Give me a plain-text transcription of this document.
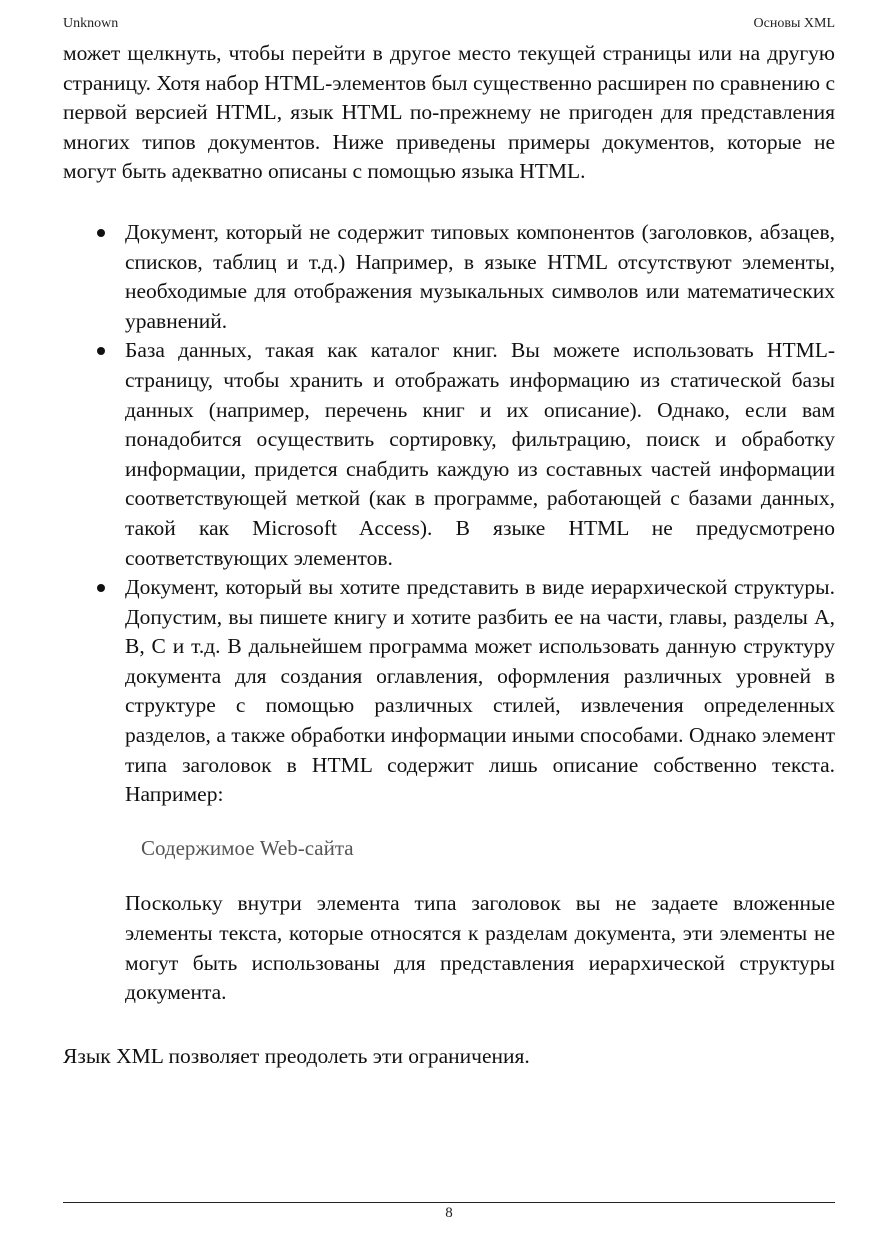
Unknown	Основы XML

может щелкнуть, чтобы перейти в другое место текущей страницы или на другую страницу. Хотя набор HTML-элементов был существенно расширен по сравнению с первой версией HTML, язык HTML по-прежнему не пригоден для представления многих типов документов. Ниже приведены примеры документов, которые не могут быть адекватно описаны с помощью языка HTML.

Документ, который не содержит типовых компонентов (заголовков, абзацев, списков, таблиц и т.д.) Например, в языке HTML отсутствуют элементы, необходимые для отображения музыкальных символов или математических уравнений.
База данных, такая как каталог книг. Вы можете использовать HTML-страницу, чтобы хранить и отображать информацию из статической базы данных (например, перечень книг и их описание). Однако, если вам понадобится осуществить сортировку, фильтрацию, поиск и обработку информации, придется снабдить каждую из составных частей информации соответствующей меткой (как в программе, работающей с базами данных, такой как Microsoft Access). В языке HTML не предусмотрено соответствующих элементов.
Документ, который вы хотите представить в виде иерархической структуры. Допустим, вы пишете книгу и хотите разбить ее на части, главы, разделы A, B, C и т.д. В дальнейшем программа может использовать данную структуру документа для создания оглавления, оформления различных уровней в структуре с помощью различных стилей, извлечения определенных разделов, а также обработки информации иными способами. Однако элемент типа заголовок в HTML содержит лишь описание собственно текста. Например:

Содержимое Web-сайта

Поскольку внутри элемента типа заголовок вы не задаете вложенные элементы текста, которые относятся к разделам документа, эти элементы не могут быть использованы для представления иерархической структуры документа.

Язык XML позволяет преодолеть эти ограничения.

8
